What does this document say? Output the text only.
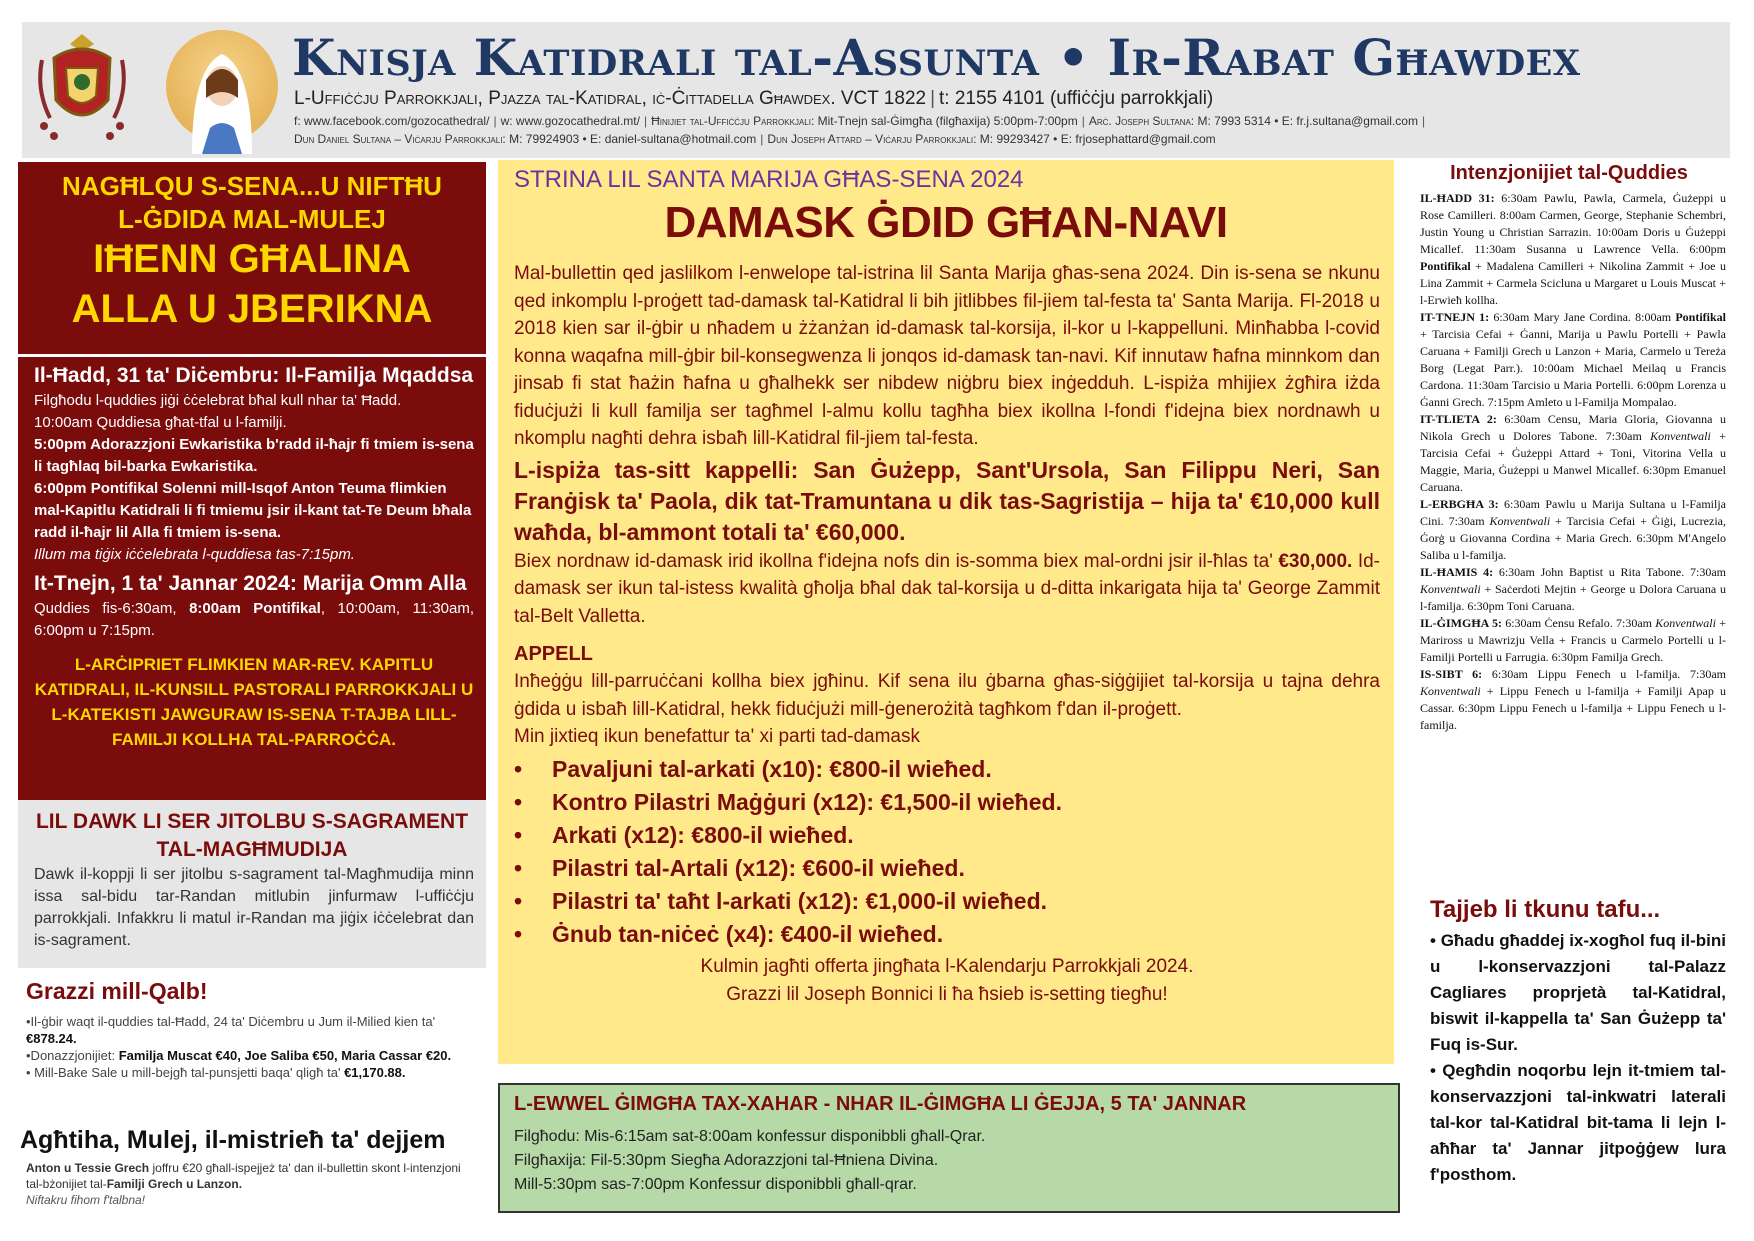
Knisja Katidrali tal-Assunta • Ir-Rabat Għawdex
L-Uffiċċju Parrokkjali, Pjazza tal-Katidral, iċ-Ċittadella Għawdex. VCT 1822 | t: 2155 4101 (uffiċċju parrokkjali)
f: www.facebook.com/gozocathedral/ | w: www.gozocathedral.mt/ | Ħinijiet tal-Uffiċċju Parrokkjali: Mit-Tnejn sal-Ġimgħa (filgħaxija) 5:00pm-7:00pm | Arċ. Joseph Sultana: M: 7993 5314 • E: fr.j.sultana@gmail.com |
Dun Daniel Sultana – Viċarju Parrokkjali: M: 79924903 • E: daniel-sultana@hotmail.com | Dun Joseph Attard – Viċarju Parrokkjali: M: 99293427 • E: frjosephattard@gmail.com
NAGĦLQU S-SENA...U NIFTĦU
L-ĠDIDA MAL-MULEJ
IĦENN GĦALINA
ALLA U JBERIKNA
Il-Ħadd, 31 ta' Diċembru: Il-Familja Mqaddsa
Filgħodu l-quddies jiġi ċċelebrat bħal kull nhar ta' Ħadd.
10:00am Quddiesa għat-tfal u l-familji.
5:00pm Adorazzjoni Ewkaristika b'radd il-ħajr fi tmiem is-sena li tagħlaq bil-barka Ewkaristika.
6:00pm Pontifikal Solenni mill-Isqof Anton Teuma flimkien mal-Kapitlu Katidrali li fi tmiemu jsir il-kant tat-Te Deum bħala radd il-ħajr lil Alla fi tmiem is-sena.
Illum ma tiġix iċċelebrata l-quddiesa tas-7:15pm.
It-Tnejn, 1 ta' Jannar 2024: Marija Omm Alla
Quddies fis-6:30am, 8:00am Pontifikal, 10:00am, 11:30am, 6:00pm u 7:15pm.
L-ARĊIPRIET FLIMKIEN MAR-REV. KAPITLU KATIDRALI, IL-KUNSILL PASTORALI PARROKKJALI U L-KATEKISTI JAWGURAW IS-SENA T-TAJBA LILL-FAMILJI KOLLHA TAL-PARROĊĊA.
LIL DAWK LI SER JITOLBU S-SAGRAMENT TAL-MAGĦMUDIJA
Dawk il-koppji li ser jitolbu s-sagrament tal-Magħmudija minn issa sal-bidu tar-Randan mitlubin jinfurmaw l-uffiċċju parrokkjali. Infakkru li matul ir-Randan ma jiġix iċċelebrat dan is-sagrament.
Grazzi mill-Qalb!
•Il-ġbir waqt il-quddies tal-Ħadd, 24 ta' Diċembru u Jum il-Milied kien ta' €878.24.
•Donazzjonijiet: Familja Muscat €40, Joe Saliba €50, Maria Cassar €20.
• Mill-Bake Sale u mill-bejgħ tal-punsjetti baqa' qligħ ta' €1,170.88.
Agħtiha, Mulej, il-mistrieħ ta' dejjem
Anton u Tessie Grech joffru €20 għall-ispejjeż ta' dan il-bullettin skont l-intenzjoni tal-bżonijiet tal-Familji Grech u Lanzon.
Niftakru fihom f'talbna!
STRINA LIL SANTA MARIJA GĦAS-SENA 2024
DAMASK ĠDID GĦAN-NAVI
Mal-bullettin qed jaslilkom l-enwelope tal-istrina lil Santa Marija għas-sena 2024. Din is-sena se nkunu qed inkomplu l-proġett tad-damask tal-Katidral li bih jitlibbes fil-jiem tal-festa ta' Santa Marija. Fl-2018 u 2018 kien sar il-ġbir u nħadem u żżanżan id-damask tal-korsija, il-kor u l-kappelluni. Minħabba l-covid konna waqafna mill-ġbir bil-konsegwenza li jonqos id-damask tan-navi. Kif innutaw ħafna minnkom dan jinsab fi stat ħażin ħafna u għalhekk ser nibdew niġbru biex inġedduh. L-ispiża mhijiex żgħira iżda fiduċjużi li kull familja ser tagħmel l-almu kollu tagħha biex ikollna l-fondi f'idejna biex nordnawh u nkomplu nagħti dehra isbaħ lill-Katidral fil-jiem tal-festa.
L-ispiża tas-sitt kappelli: San Ġużepp, Sant'Ursola, San Filippu Neri, San Franġisk ta' Paola, dik tat-Tramuntana u dik tas-Sagristija – hija ta' €10,000 kull waħda, bl-ammont totali ta' €60,000.
Biex nordnaw id-damask irid ikollna f'idejna nofs din is-somma biex mal-ordni jsir il-ħlas ta' €30,000. Id-damask ser ikun tal-istess kwalità għolja bħal dak tal-korsija u d-ditta inkarigata hija ta' George Zammit tal-Belt Valletta.
APPELL
Inħeġġu lill-parruċċani kollha biex jgħinu. Kif sena ilu ġbarna għas-siġġijiet tal-korsija u tajna dehra ġdida u isbaħ lill-Katidral, hekk fiduċjużi mill-ġenerożità tagħkom f'dan il-proġett.
Min jixtieq ikun benefattur ta' xi parti tad-damask
• Pavaljuni tal-arkati (x10): €800-il wieħed.
• Kontro Pilastri Maġġuri (x12): €1,500-il wieħed.
• Arkati (x12): €800-il wieħed.
• Pilastri tal-Artali (x12): €600-il wieħed.
• Pilastri ta' taħt l-arkati (x12): €1,000-il wieħed.
• Ġnub tan-niċeċ (x4): €400-il wieħed.
Kulmin jagħti offerta jingħata l-Kalendarju Parrokkjali 2024.
Grazzi lil Joseph Bonnici li ħa ħsieb is-setting tiegħu!
L-EWWEL ĠIMGĦA TAX-XAHAR - NHAR IL-ĠIMGĦA LI ĠEJJA, 5 TA' JANNAR
Filgħodu: Mis-6:15am sat-8:00am konfessur disponibbli għall-Qrar.
Filgħaxija: Fil-5:30pm Siegħa Adorazzjoni tal-Ħniena Divina.
Mill-5:30pm sas-7:00pm Konfessur disponibbli għall-qrar.
Intenzjonijiet tal-Quddies
IL-ĦADD 31: 6:30am Pawlu, Pawla, Carmela, Ġużeppi u Rose Camilleri. 8:00am Carmen, George, Stephanie Schembri, Justin Young u Christian Sarrazin. 10:00am Doris u Ġużeppi Micallef. 11:30am Susanna u Lawrence Vella. 6:00pm Pontifikal + Madalena Camilleri + Nikolina Zammit + Joe u Lina Zammit + Carmela Scicluna u Margaret u Louis Muscat + l-Erwieħ kollha.
IT-TNEJN 1: 6:30am Mary Jane Cordina. 8:00am Pontifikal + Tarcisia Cefai + Ġanni, Marija u Pawlu Portelli + Pawla Caruana + Familji Grech u Lanzon + Maria, Carmelo u Tereża Borg (Legat Parr.). 10:00am Michael Meilaq u Francis Cardona. 11:30am Tarcisio u Maria Portelli. 6:00pm Lorenza u Ġanni Grech. 7:15pm Amleto u l-Familja Mompalao.
IT-TLIETA 2: 6:30am Censu, Maria Gloria, Giovanna u Nikola Grech u Dolores Tabone. 7:30am Konventwali + Tarcisia Cefai + Ġużeppi Attard + Toni, Vitorina Vella u Maggie, Maria, Ġużeppi u Manwel Micallef. 6:30pm Emanuel Caruana.
L-ERBGĦA 3: 6:30am Pawlu u Marija Sultana u l-Familja Cini. 7:30am Konventwali + Tarcisia Cefai + Ġiġi, Lucrezia, Ġorġ u Giovanna Cordina + Maria Grech. 6:30pm M'Angelo Saliba u l-familja.
IL-ĦAMIS 4: 6:30am John Baptist u Rita Tabone. 7:30am Konventwali + Saċerdoti Mejtin + George u Dolora Caruana u l-familja. 6:30pm Toni Caruana.
IL-ĠIMGĦA 5: 6:30am Ċensu Refalo. 7:30am Konventwali + Mariross u Mawrizju Vella + Francis u Carmelo Portelli u l-Familji Portelli u Farrugia. 6:30pm Familja Grech.
IS-SIBT 6: 6:30am Lippu Fenech u l-familja. 7:30am Konventwali + Lippu Fenech u l-familja + Familji Apap u Cassar. 6:30pm Lippu Fenech u l-familja + Lippu Fenech u l-familja.
Tajjeb li tkunu tafu...
• Għadu għaddej ix-xogħol fuq il-bini u l-konservazzjoni tal-Palazz Cagliares proprjetà tal-Katidral, biswit il-kappella ta' San Ġużepp ta' Fuq is-Sur.
• Qegħdin noqorbu lejn it-tmiem tal-konservazzjoni tal-inkwatri laterali tal-kor tal-Katidral bit-tama li lejn l-aħħar ta' Jannar jitpoġġew lura f'posthom.
